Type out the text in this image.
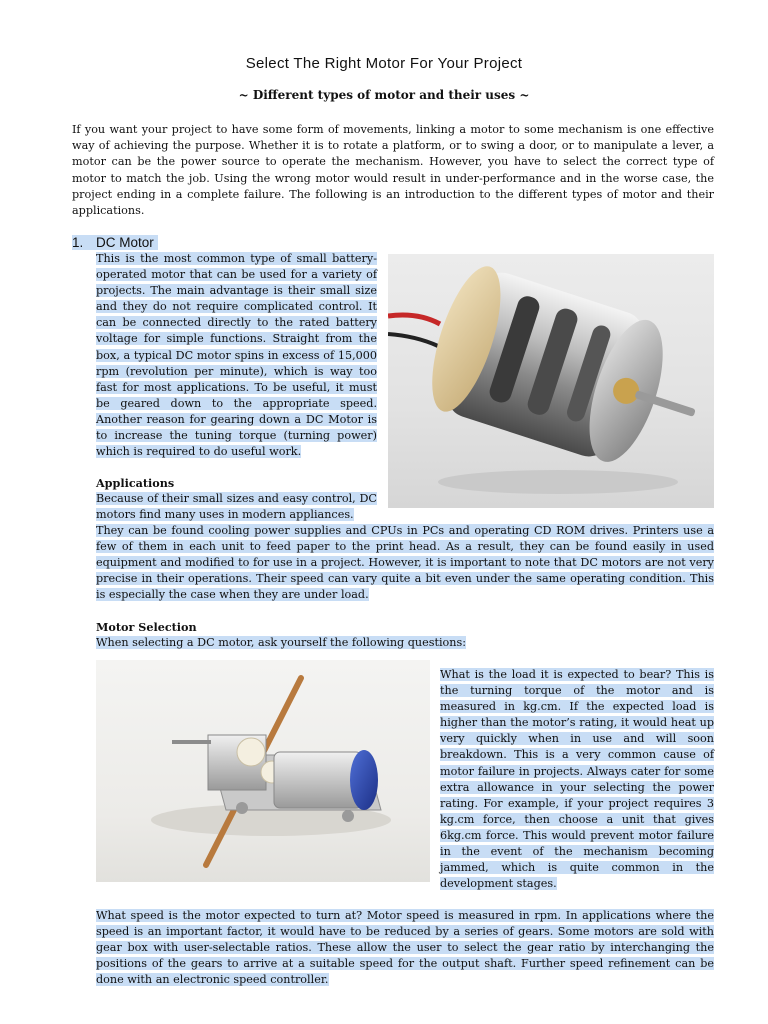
Select The Right Motor For Your Project
~ Different types of motor and their uses ~

If you want your project to have some form of movements, linking a motor to some mechanism is one effective way of achieving the purpose. Whether it is to rotate a platform, or to swing a door, or to manipulate a lever, a motor can be the power source to operate the mechanism. However, you have to select the correct type of motor to match the job. Using the wrong motor would result in under-performance and in the worse case, the project ending in a complete failure. The following is an introduction to the different types of motor and their applications.

1. DC Motor

This is the most common type of small battery-operated motor that can be used for a variety of projects. The main advantage is their small size and they do not require complicated control. It can be connected directly to the rated battery voltage for simple functions. Straight from the box, a typical DC motor spins in excess of 15,000 rpm (revolution per minute), which is way too fast for most applications. To be useful, it must be geared down to the appropriate speed. Another reason for gearing down a DC Motor is to increase the tuning torque (turning power) which is required to do useful work.

Applications

Because of their small sizes and easy control, DC motors find many uses in modern appliances.

They can be found cooling power supplies and CPUs in PCs and operating CD ROM drives. Printers use a few of them in each unit to feed paper to the print head. As a result, they can be found easily in used equipment and modified to for use in a project. However, it is important to note that DC motors are not very precise in their operations. Their speed can vary quite a bit even under the same operating condition. This is especially the case when they are under load.

Motor Selection

When selecting a DC motor, ask yourself the following questions:

What is the load it is expected to bear? This is the turning torque of the motor and is measured in kg.cm. If the expected load is higher than the motor’s rating, it would heat up very quickly when in use and will soon breakdown. This is a very common cause of motor failure in projects. Always cater for some extra allowance in your selecting the power rating. For example, if your project requires 3 kg.cm force, then choose a unit that gives 6kg.cm force. This would prevent motor failure in the event of the mechanism becoming jammed, which is quite common in the development stages.

What speed is the motor expected to turn at? Motor speed is measured in rpm. In applications where the speed is an important factor, it would have to be reduced by a series of gears. Some motors are sold with gear box with user-selectable ratios. These allow the user to select the gear ratio by interchanging the positions of the gears to arrive at a suitable speed for the output shaft. Further speed refinement can be done with an electronic speed controller.
